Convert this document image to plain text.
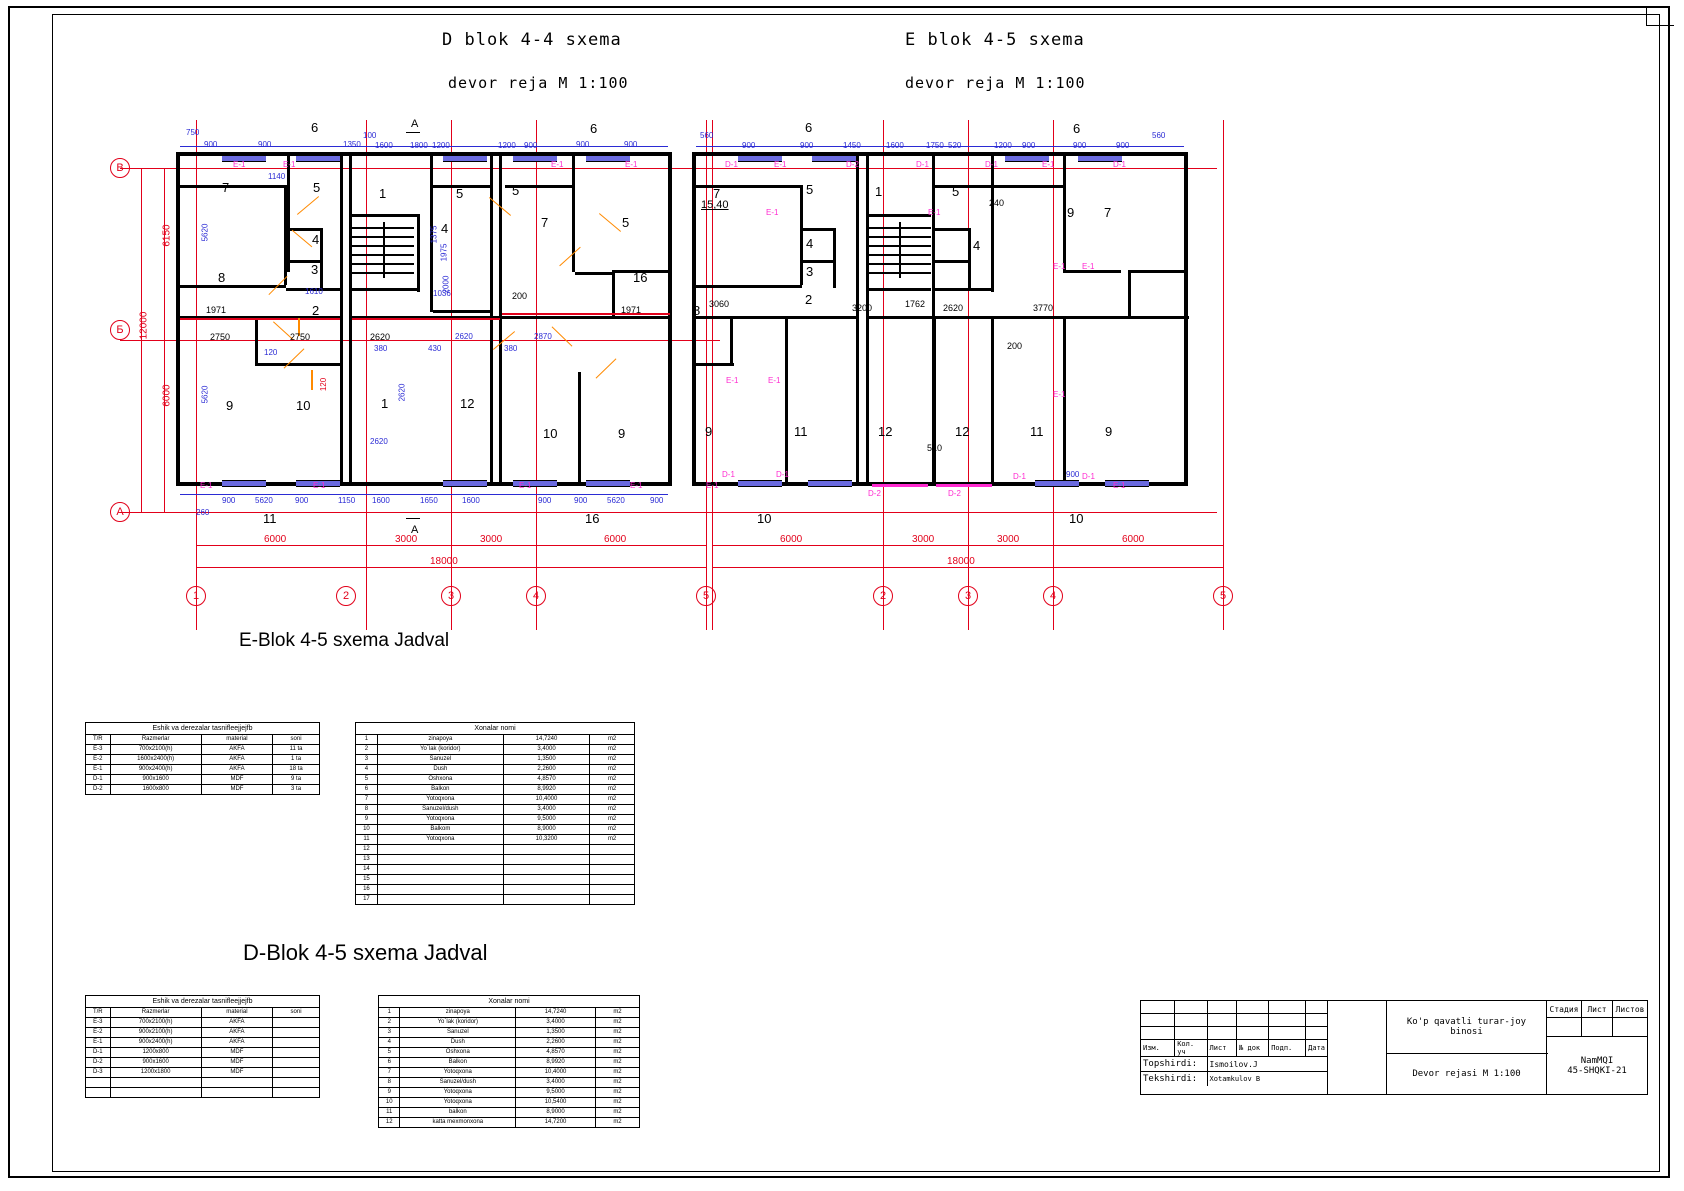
D blok 4-4 sxema
devor reja M 1:100
E blok 4-5 sxema
devor reja M 1:100
B
Б
A
1	2	3	4	5
E-1	E-1	E-1	E-1
E-1	E-1	E-1	E-1
6
7	5	1	5
4
3
8
2
9	10	12
11
6
5
7	5
16
10	9
16
1
4
750
900	900
100
1600 1800 1200	1200 900	900	900
1350
1140
260
900 5620	900	1150 1600	1650	1600	900	900 5620	900
6000	3000	3000	6000
18000
6150	5620
12000
6000	5620
2750	2750	2620	2620
2620
2870
1610
1971
120
380	380
430
120
2620
1036
2000
1975
200
1971
1375
A
A
2	3	4	5
D-1	E-1	D-2	D-1	D-1	E-1	D-1
D-1	D-1
E-1
D-2	D-2
D-1	D-1
E-1
E-1	E-1
E-1 E-1
E-1
E-1	E-1
6
7	5	1	5
9 7
4
3
8
2
9	11	12	12	11	9
10	10
6
4
560
900	900	1450	1600	1750 520	1200 900	900	900
560
6000	3000	3000	6000
18000
15,40
3060	3200	1762 2620	3770
240
200
510
900
E-Blok 4-5 sxema Jadval
Eshik va derezalar tasnifleejjejfb			
T/R	Razmerlar	material	soni
E-3	700x2100(h)	AKFA	11 ta
E-2	1600x2400(h)	AKFA	1 ta
E-1	900x2400(h)	AKFA	18 ta
D-1	900x1600	MDF	9 ta
D-2	1600x800	MDF	3 ta
Xonalar nomi			
1	zinapoya	14,7240	m2
2	Yo`lak (koridor)	3,4000	m2
3	Sanuzel	1,3500	m2
4	Dush	2,2600	m2
5	Oshxona	4,8570	m2
6	Balkon	8,9920	m2
7	Yotoqxona	10,4000	m2
8	Sanuzel/dush	3,4000	m2
9	Yotoqxona	9,5000	m2
10	Balkom	8,9000	m2
11	Yotoqxona	10,3200	m2
12			
13			
14			
15			
16			
17			
D-Blok 4-5 sxema Jadval
Eshik va derezalar tasnifleejjejfb			
T/R	Razmerlar	material	soni
E-3	700x2100(h)	AKFA	
E-2	900x2100(h)	AKFA	
E-1	900x2400(h)	AKFA	
D-1	1200x800	MDF	
D-2	900x1600	MDF	
D-3	1200x1800	MDF	

Xonalar nomi			
1	zinapoya	14,7240	m2
2	Yo`lak (koridor)	3,4000	m2
3	Sanuzel	1,3500	m2
4	Dush	2,2600	m2
5	Oshxona	4,8570	m2
6	Balkon	8,9920	m2
7	Yotoqxona	10,4000	m2
8	Sanuzel/dush	3,4000	m2
9	Yotoqxona	9,5000	m2
10	Yotoqxona	10,5400	m2
11	balkon	8,9000	m2
12	katta mexmonxona	14,7200	m2

Изм.	Кол. уч	Лист	№ док	Подп.	Дата
Topshirdi:	Ismoilov.J
Tekshirdi:	Xotamkulov B
		Ko'p qavatli turar-joy binosi	Стадия	Лист	Листов

NamMQI
45-SHQKI-21

Devor rejasi M 1:100
